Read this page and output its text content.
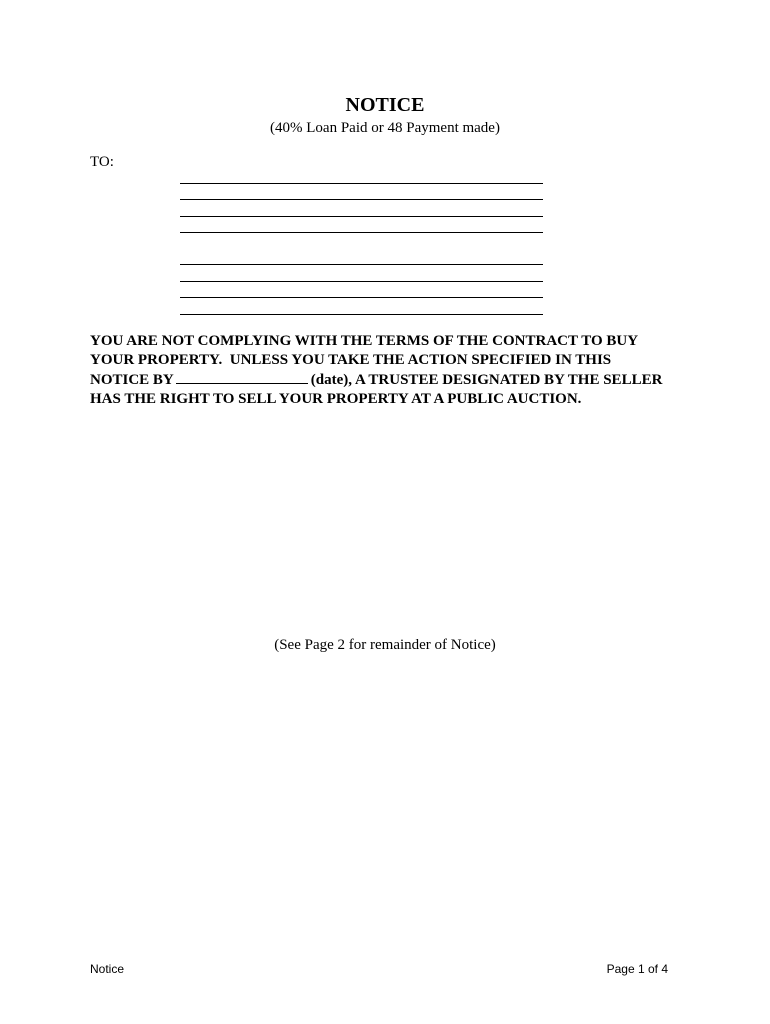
NOTICE
(40% Loan Paid or 48 Payment made)
TO:
YOU ARE NOT COMPLYING WITH THE TERMS OF THE CONTRACT TO BUY
YOUR PROPERTY.  UNLESS YOU TAKE THE ACTION SPECIFIED IN THIS
NOTICE BY	(date), A TRUSTEE DESIGNATED BY THE SELLER
HAS THE RIGHT TO SELL YOUR PROPERTY AT A PUBLIC AUCTION.
(See Page 2 for remainder of Notice)
Notice	Page 1 of 4
